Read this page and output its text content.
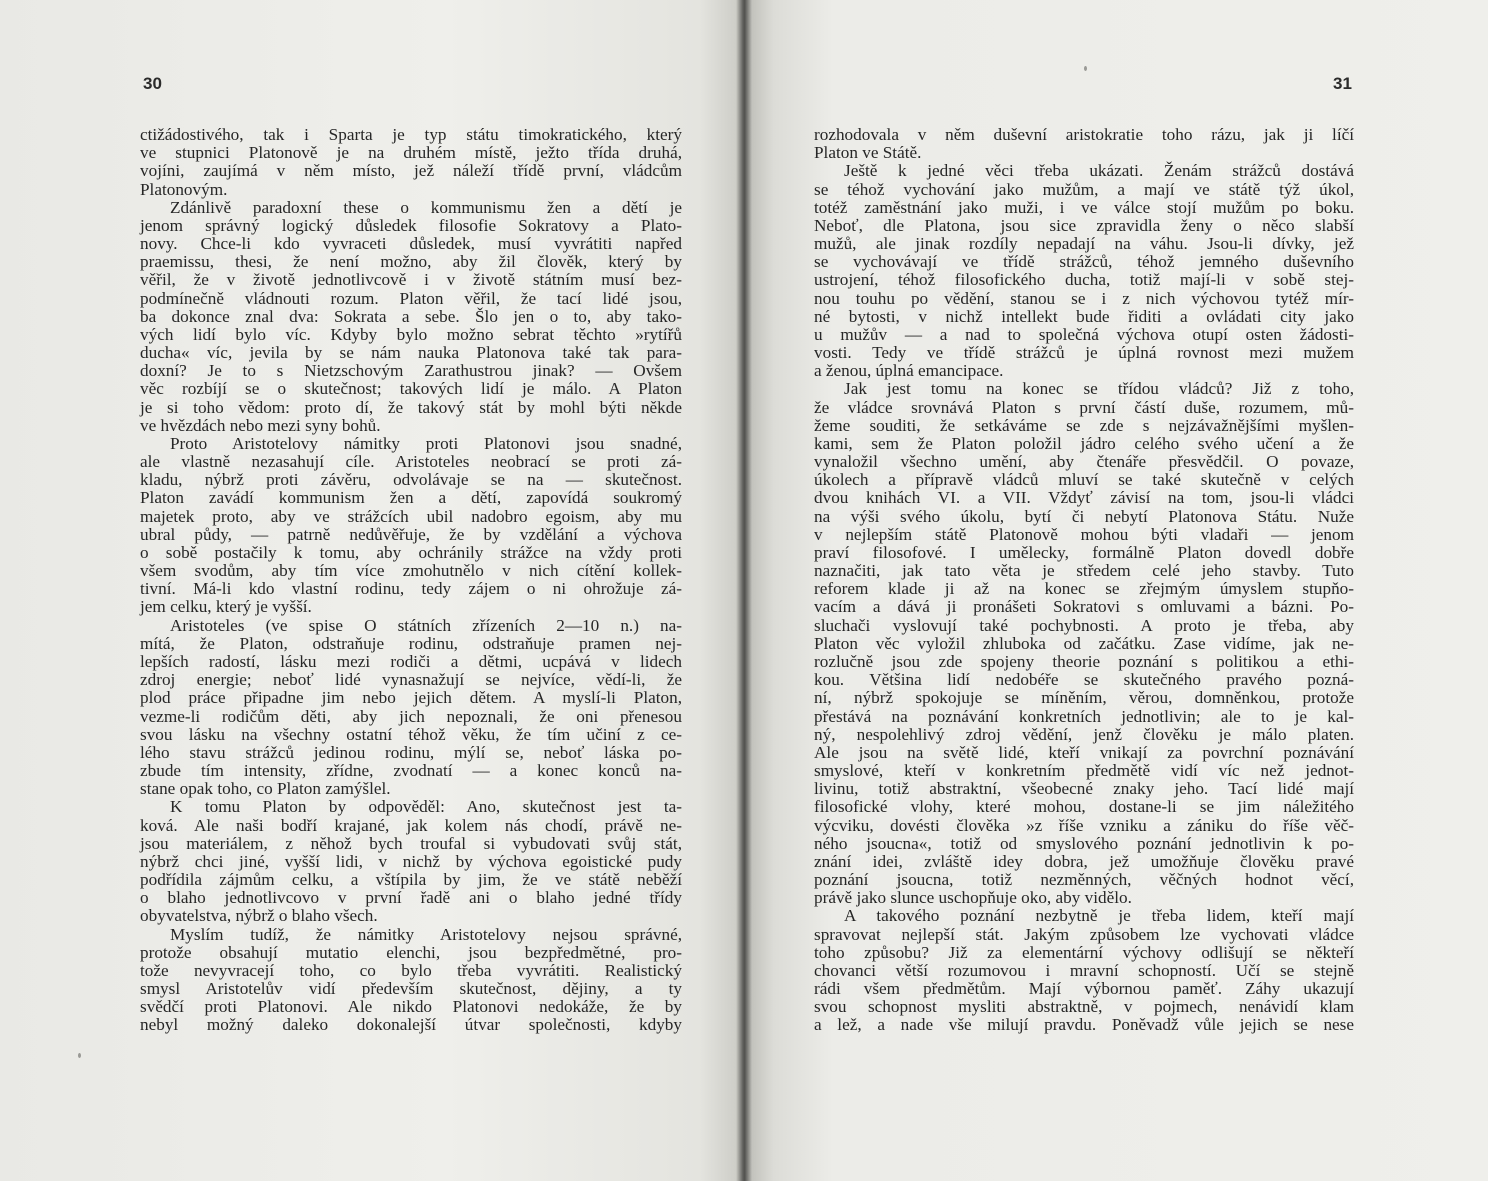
30
ctižádostivého, tak i Sparta je typ státu timokratického, který
ve stupnici Platonově je na druhém místě, ježto třída druhá,
vojíni, zaujímá v něm místo, jež náleží třídě první, vládcům
Platonovým.
Zdánlivě paradoxní these o kommunismu žen a dětí je
jenom správný logický důsledek filosofie Sokratovy a Plato-
novy. Chce-li kdo vyvraceti důsledek, musí vyvrátiti napřed
praemissu, thesi, že není možno, aby žil člověk, který by
věřil, že v životě jednotlivcově i v životě státním musí bez-
podmínečně vládnouti rozum. Platon věřil, že tací lidé jsou,
ba dokonce znal dva: Sokrata a sebe. Šlo jen o to, aby tako-
vých lidí bylo víc. Kdyby bylo možno sebrat těchto »rytířů
ducha« víc, jevila by se nám nauka Platonova také tak para-
doxní? Je to s Nietzschovým Zarathustrou jinak? — Ovšem
věc rozbíjí se o skutečnost; takových lidí je málo. A Platon
je si toho vědom: proto dí, že takový stát by mohl býti někde
ve hvězdách nebo mezi syny bohů.
Proto Aristotelovy námitky proti Platonovi jsou snadné,
ale vlastně nezasahují cíle. Aristoteles neobrací se proti zá-
kladu, nýbrž proti závěru, odvolávaje se na — skutečnost.
Platon zavádí kommunism žen a dětí, zapovídá soukromý
majetek proto, aby ve strážcích ubil nadobro egoism, aby mu
ubral půdy, — patrně nedůvěřuje, že by vzdělání a výchova
o sobě postačily k tomu, aby ochránily strážce na vždy proti
všem svodům, aby tím více zmohutnělo v nich cítění kollek-
tivní. Má-li kdo vlastní rodinu, tedy zájem o ni ohrožuje zá-
jem celku, který je vyšší.
Aristoteles (ve spise O státních zřízeních 2—10 n.) na-
mítá, že Platon, odstraňuje rodinu, odstraňuje pramen nej-
lepších radostí, lásku mezi rodiči a dětmi, ucpává v lidech
zdroj energie; neboť lidé vynasnažují se nejvíce, vědí-li, že
plod práce připadne jim nebo jejich dětem. A myslí-li Platon,
vezme-li rodičům děti, aby jich nepoznali, že oni přenesou
svou lásku na všechny ostatní téhož věku, že tím učiní z ce-
lého stavu strážců jedinou rodinu, mýlí se, neboť láska po-
zbude tím intensity, zřídne, zvodnatí — a konec konců na-
stane opak toho, co Platon zamýšlel.
K tomu Platon by odpověděl: Ano, skutečnost jest ta-
ková. Ale naši bodří krajané, jak kolem nás chodí, právě ne-
jsou materiálem, z něhož bych troufal si vybudovati svůj stát,
nýbrž chci jiné, vyšší lidi, v nichž by výchova egoistické pudy
podřídila zájmům celku, a vštípila by jim, že ve státě neběží
o blaho jednotlivcovo v první řadě ani o blaho jedné třídy
obyvatelstva, nýbrž o blaho všech.
Myslím tudíž, že námitky Aristotelovy nejsou správné,
protože obsahují mutatio elenchi, jsou bezpředmětné, pro-
tože nevyvracejí toho, co bylo třeba vyvrátiti. Realistický
smysl Aristotelův vidí především skutečnost, dějiny, a ty
svědčí proti Platonovi. Ale nikdo Platonovi nedokáže, že by
nebyl možný daleko dokonalejší útvar společnosti, kdyby
31
rozhodovala v něm duševní aristokratie toho rázu, jak ji líčí
Platon ve Státě.
Ještě k jedné věci třeba ukázati. Ženám strážců dostává
se téhož vychování jako mužům, a mají ve státě týž úkol,
totéž zaměstnání jako muži, i ve válce stojí mužům po boku.
Neboť, dle Platona, jsou sice zpravidla ženy o něco slabší
mužů, ale jinak rozdíly nepadají na váhu. Jsou-li dívky, jež
se vychovávají ve třídě strážců, téhož jemného duševního
ustrojení, téhož filosofického ducha, totiž mají-li v sobě stej-
nou touhu po vědění, stanou se i z nich výchovou tytéž mír-
né bytosti, v nichž intellekt bude řiditi a ovládati city jako
u mužův — a nad to společná výchova otupí osten žádosti-
vosti. Tedy ve třídě strážců je úplná rovnost mezi mužem
a ženou, úplná emancipace.
Jak jest tomu na konec se třídou vládců? Již z toho,
že vládce srovnává Platon s první částí duše, rozumem, mů-
žeme souditi, že setkáváme se zde s nejzávažnějšími myšlen-
kami, sem že Platon položil jádro celého svého učení a že
vynaložil všechno umění, aby čtenáře přesvědčil. O povaze,
úkolech a přípravě vládců mluví se také skutečně v celých
dvou knihách VI. a VII. Vždyť závisí na tom, jsou-li vládci
na výši svého úkolu, bytí či nebytí Platonova Státu. Nuže
v nejlepším státě Platonově mohou býti vladaři — jenom
praví filosofové. I umělecky, formálně Platon dovedl dobře
naznačiti, jak tato věta je středem celé jeho stavby. Tuto
reforem klade ji až na konec se zřejmým úmyslem stupňo-
vacím a dává ji pronášeti Sokratovi s omluvami a báznі. Po-
sluchači vyslovují také pochybnosti. A proto je třeba, aby
Platon věc vyložil zhluboka od začátku. Zase vidíme, jak ne-
rozlučně jsou zde spojeny theorie poznání s politikou a ethi-
kou. Většina lidí nedobéře se skutečného pravého pozná-
ní, nýbrž spokojuje se míněním, věrou, domněnkou, protože
přestává na poznávání konkretních jednotlivin; ale to je kal-
ný, nespolehlivý zdroj vědění, jenž člověku je málo platen.
Ale jsou na světě lidé, kteří vnikají za povrchní poznávání
smyslové, kteří v konkretním předmětě vidí víc než jednot-
livinu, totiž abstraktní, všeobecné znaky jeho. Tací lidé mají
filosofické vlohy, které mohou, dostane-li se jim náležitého
výcviku, dovésti člověka »z říše vzniku a zániku do říše věč-
ného jsoucna«, totiž od smyslového poznání jednotlivin k po-
znání idei, zvláště idey dobra, jež umožňuje člověku pravé
poznání jsoucna, totiž nezměnných, věčných hodnot věcí,
právě jako slunce uschopňuje oko, aby vidělo.
A takového poznání nezbytně je třeba lidem, kteří mají
spravovat nejlepší stát. Jakým způsobem lze vychovati vládce
toho způsobu? Již za elementární výchovy odlišují se někteří
chovanci větší rozumovou i mravní schopností. Učí se stejně
rádi všem předmětům. Mají výbornou paměť. Záhy ukazují
svou schopnost mysliti abstraktně, v pojmech, nenávidí klam
a lež, a nade vše milují pravdu. Poněvadž vůle jejich se nese
